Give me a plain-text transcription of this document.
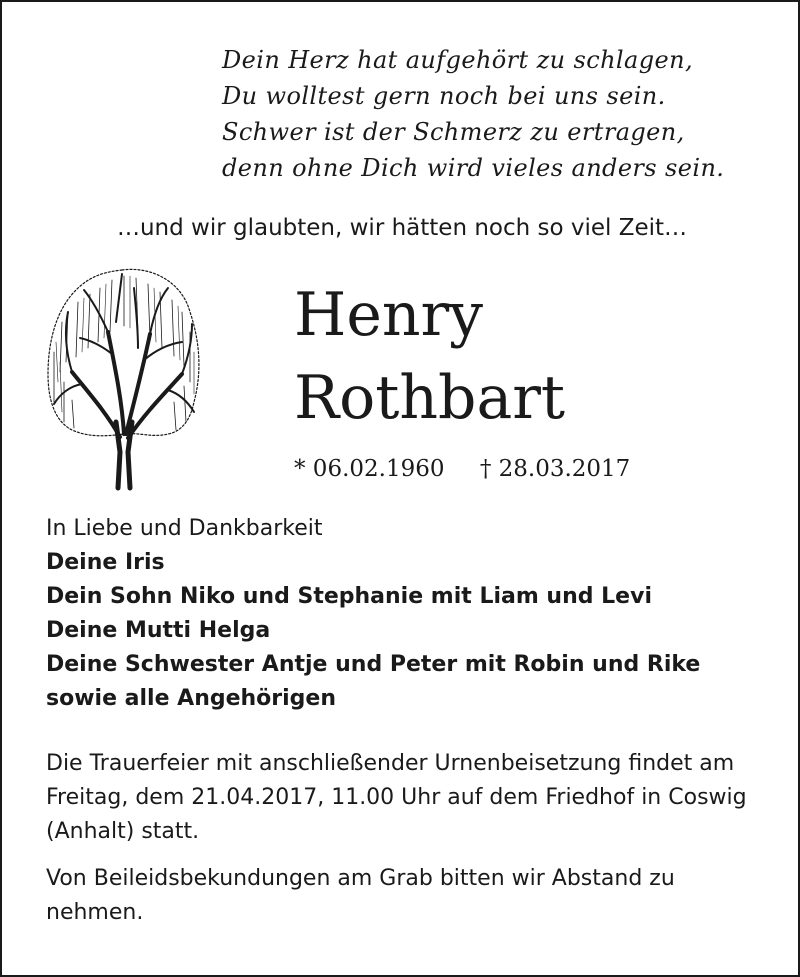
Dein Herz hat aufgehört zu schlagen,
Du wolltest gern noch bei uns sein.
Schwer ist der Schmerz zu ertragen,
denn ohne Dich wird vieles anders sein.
…und wir glaubten, wir hätten noch so viel Zeit…
Henry
Rothbart
* 06.02.1960 † 28.03.2017
In Liebe und Dankbarkeit
Deine Iris
Dein Sohn Niko und Stephanie mit Liam und Levi
Deine Mutti Helga
Deine Schwester Antje und Peter mit Robin und Rike
sowie alle Angehörigen

Die Trauerfeier mit anschließender Urnenbeisetzung findet am Freitag, dem 21.04.2017, 11.00 Uhr auf dem Friedhof in Coswig (Anhalt) statt.

Von Beileidsbekundungen am Grab bitten wir Abstand zu nehmen.
